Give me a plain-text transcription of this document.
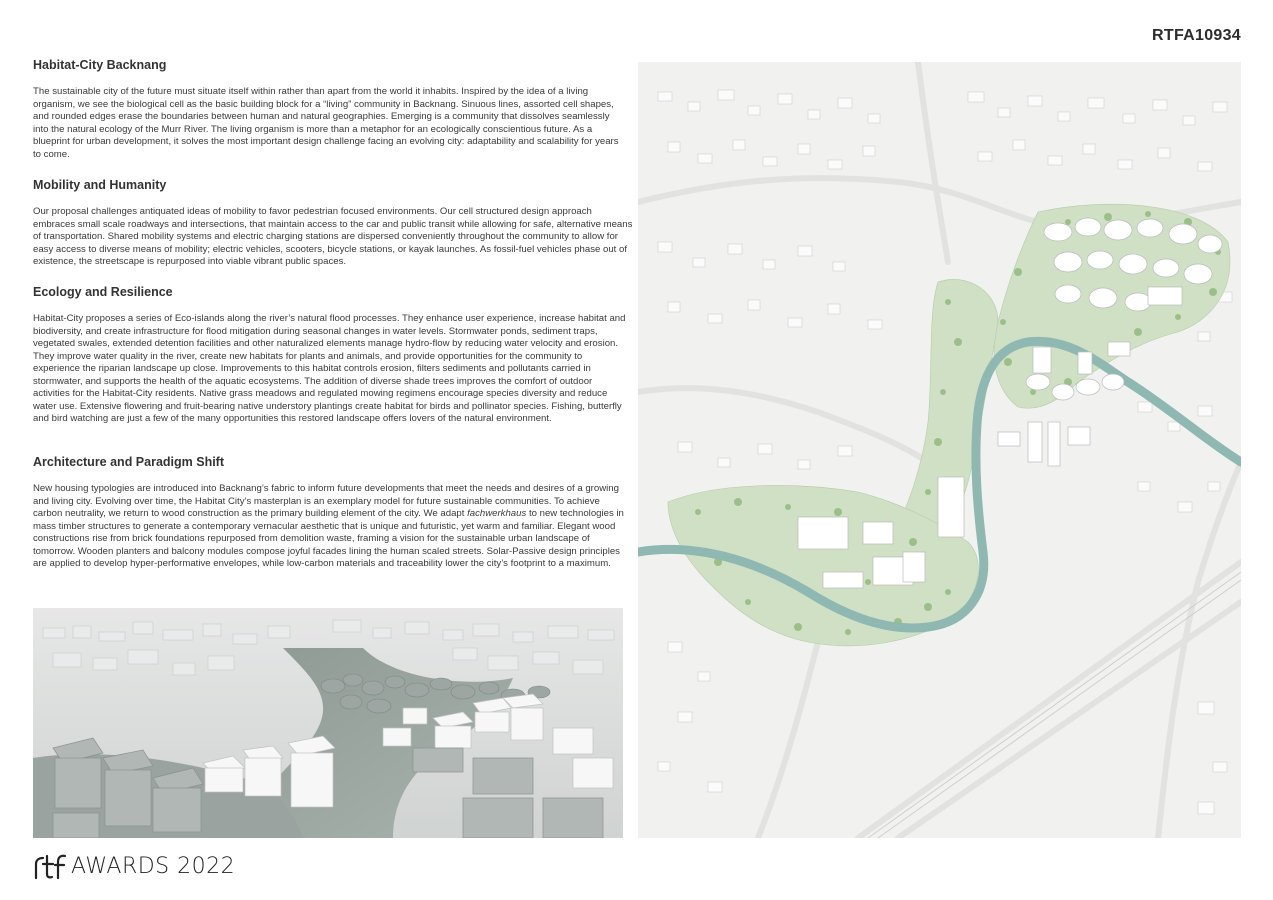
RTFA10934
Habitat-City Backnang

The sustainable city of the future must situate itself within rather than apart from the world it inhabits. Inspired by the idea of a living organism, we see the biological cell as the basic building block for a “living” community in Backnang. Sinuous lines, assorted cell shapes, and rounded edges erase the boundaries between human and natural geographies. Emerging is a community that dissolves seamlessly into the natural ecology of the Murr River. The living organism is more than a metaphor for an ecologically conscientious future. As a blueprint for urban development, it solves the most important design challenge facing an evolving city: adaptability and scalability for years to come.

Mobility and Humanity

Our proposal challenges antiquated ideas of mobility to favor pedestrian focused environments. Our cell structured design approach embraces small scale roadways and intersections, that maintain access to the car and public transit while allowing for safe, alternative means of transportation. Shared mobility systems and electric charging stations are dispersed conveniently throughout the community to allow for easy access to diverse means of mobility; electric vehicles, scooters, bicycle stations, or kayak launches. As fossil-fuel vehicles phase out of existence, the streetscape is repurposed into viable vibrant public spaces.

Ecology and Resilience

Habitat-City proposes a series of Eco-islands along the river’s natural flood processes. They enhance user experience, increase habitat and biodiversity, and create infrastructure for flood mitigation during seasonal changes in water levels. Stormwater ponds, sediment traps, vegetated swales, extended detention facilities and other naturalized elements manage hydro-flow by reducing water velocity and erosion. They improve water quality in the river, create new habitats for plants and animals, and provide opportunities for the community to experience the riparian landscape up close. Improvements to this habitat controls erosion, filters sediments and pollutants carried in stormwater, and supports the health of the aquatic ecosystems. The addition of diverse shade trees improves the comfort of outdoor activities for the Habitat-City residents. Native grass meadows and regulated mowing regimens encourage species diversity and reduce water use. Extensive flowering and fruit-bearing native understory plantings create habitat for birds and pollinator species. Fishing, butterfly and bird watching are just a few of the many opportunities this restored landscape offers lovers of the natural environment.

Architecture and Paradigm Shift

New housing typologies are introduced into Backnang’s fabric to inform future developments that meet the needs and desires of a growing and living city. Evolving over time, the Habitat City’s masterplan is an exemplary model for future sustainable communities. To achieve carbon neutrality, we return to wood construction as the primary building element of the city. We adapt fachwerkhaus to new technologies in mass timber structures to generate a contemporary vernacular aesthetic that is unique and futuristic, yet warm and familiar. Elegant wood constructions rise from brick foundations repurposed from demolition waste, framing a vision for the sustainable urban landscape of tomorrow. Wooden planters and balcony modules compose joyful facades lining the human scaled streets. Solar-Passive design principles are applied to develop hyper-performative envelopes, while low-carbon materials and traceability lower the city’s footprint to a maximum.

AWARDS 2022
